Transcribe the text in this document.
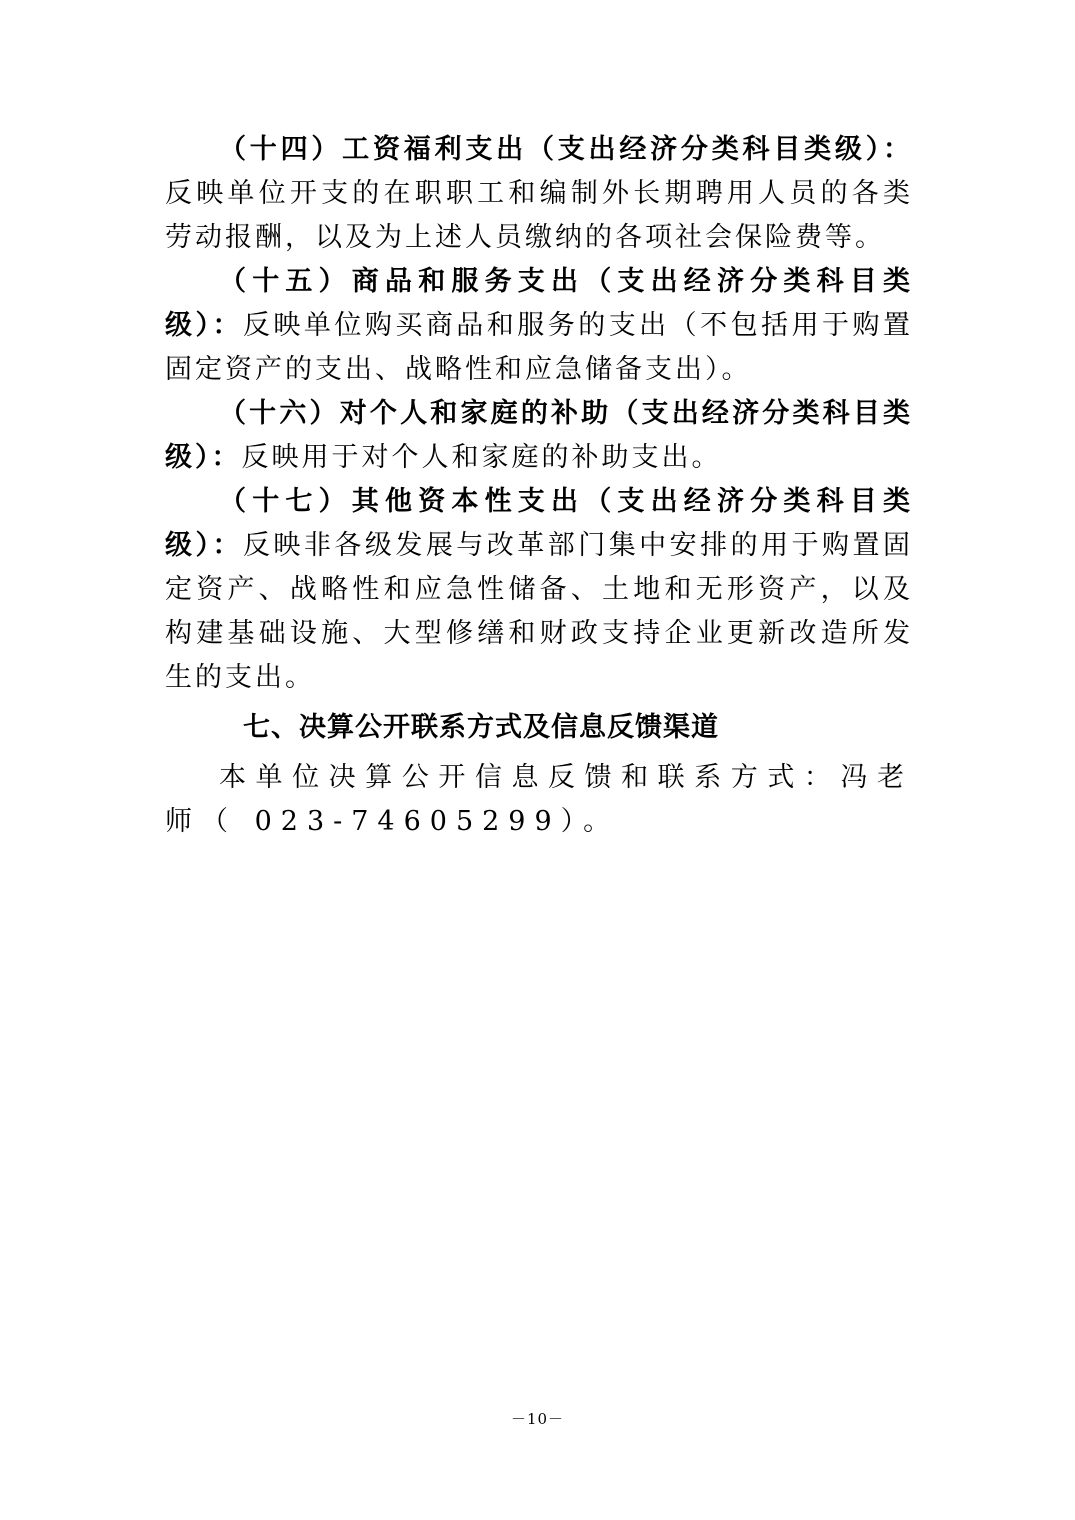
（十四）工资福利支出（支出经济分类科目类级）：反映单位开支的在职职工和编制外长期聘用人员的各类劳动报酬，以及为上述人员缴纳的各项社会保险费等。

（十五）商品和服务支出（支出经济分类科目类级）：反映单位购买商品和服务的支出（不包括用于购置固定资产的支出、战略性和应急储备支出）。

（十六）对个人和家庭的补助（支出经济分类科目类级）：反映用于对个人和家庭的补助支出。

（十七）其他资本性支出（支出经济分类科目类级）：反映非各级发展与改革部门集中安排的用于购置固定资产、战略性和应急性储备、土地和无形资产，以及构建基础设施、大型修缮和财政支持企业更新改造所发生的支出。

七、决算公开联系方式及信息反馈渠道

本单位决算公开信息反馈和联系方式：冯老师（ 023-74605299）。

－10－
